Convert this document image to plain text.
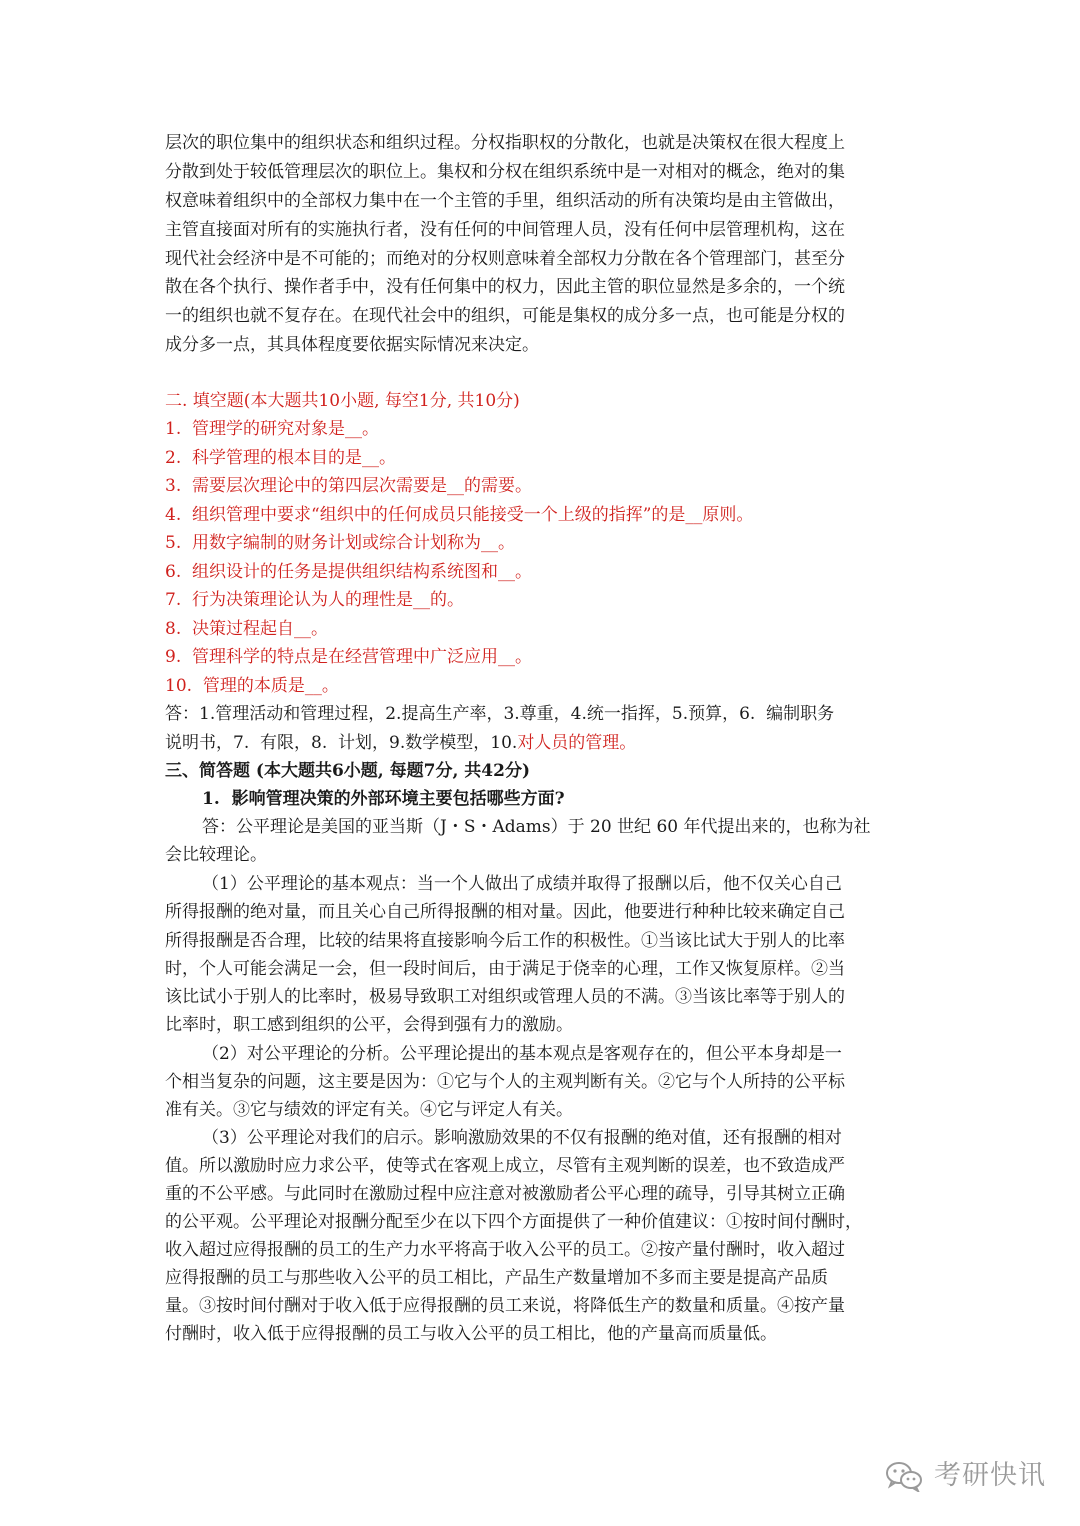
层次的职位集中的组织状态和组织过程。分权指职权的分散化，也就是决策权在很大程度上
分散到处于较低管理层次的职位上。集权和分权在组织系统中是一对相对的概念，绝对的集
权意味着组织中的全部权力集中在一个主管的手里，组织活动的所有决策均是由主管做出，
主管直接面对所有的实施执行者，没有任何的中间管理人员，没有任何中层管理机构，这在
现代社会经济中是不可能的；而绝对的分权则意味着全部权力分散在各个管理部门，甚至分
散在各个执行、操作者手中，没有任何集中的权力，因此主管的职位显然是多余的，一个统
一的组织也就不复存在。在现代社会中的组织，可能是集权的成分多一点，也可能是分权的
成分多一点，其具体程度要依据实际情况来决定。
二. 填空题(本大题共10小题, 每空1分, 共10分)
1.  管理学的研究对象是__。
2.  科学管理的根本目的是__。
3.  需要层次理论中的第四层次需要是__的需要。
4.  组织管理中要求“组织中的任何成员只能接受一个上级的指挥”的是__原则。
5.  用数字编制的财务计划或综合计划称为__。
6.  组织设计的任务是提供组织结构系统图和__。
7.  行为决策理论认为人的理性是__的。
8.  决策过程起自__。
9.  管理科学的特点是在经营管理中广泛应用__。
10.  管理的本质是__。
答：1.管理活动和管理过程，2.提高生产率，3.尊重，4.统一指挥，5.预算，6.  编制职务
说明书，7.  有限，8.  计划，9.数学模型，10.对人员的管理。
三、简答题 (本大题共6小题, 每题7分, 共42分)
1.  影响管理决策的外部环境主要包括哪些方面?
答：公平理论是美国的亚当斯（J・S・Adams）于 20 世纪 60 年代提出来的，也称为社
会比较理论。
（1）公平理论的基本观点：当一个人做出了成绩并取得了报酬以后，他不仅关心自己
所得报酬的绝对量，而且关心自己所得报酬的相对量。因此，他要进行种种比较来确定自己
所得报酬是否合理，比较的结果将直接影响今后工作的积极性。①当该比试大于别人的比率
时，个人可能会满足一会，但一段时间后，由于满足于侥幸的心理，工作又恢复原样。②当
该比试小于别人的比率时，极易导致职工对组织或管理人员的不满。③当该比率等于别人的
比率时，职工感到组织的公平，会得到强有力的激励。
（2）对公平理论的分析。公平理论提出的基本观点是客观存在的，但公平本身却是一
个相当复杂的问题，这主要是因为：①它与个人的主观判断有关。②它与个人所持的公平标
准有关。③它与绩效的评定有关。④它与评定人有关。
（3）公平理论对我们的启示。影响激励效果的不仅有报酬的绝对值，还有报酬的相对
值。所以激励时应力求公平，使等式在客观上成立，尽管有主观判断的误差，也不致造成严
重的不公平感。与此同时在激励过程中应注意对被激励者公平心理的疏导，引导其树立正确
的公平观。公平理论对报酬分配至少在以下四个方面提供了一种价值建议：①按时间付酬时，
收入超过应得报酬的员工的生产力水平将高于收入公平的员工。②按产量付酬时，收入超过
应得报酬的员工与那些收入公平的员工相比，产品生产数量增加不多而主要是提高产品质
量。③按时间付酬对于收入低于应得报酬的员工来说，将降低生产的数量和质量。④按产量
付酬时，收入低于应得报酬的员工与收入公平的员工相比，他的产量高而质量低。
考研快讯
